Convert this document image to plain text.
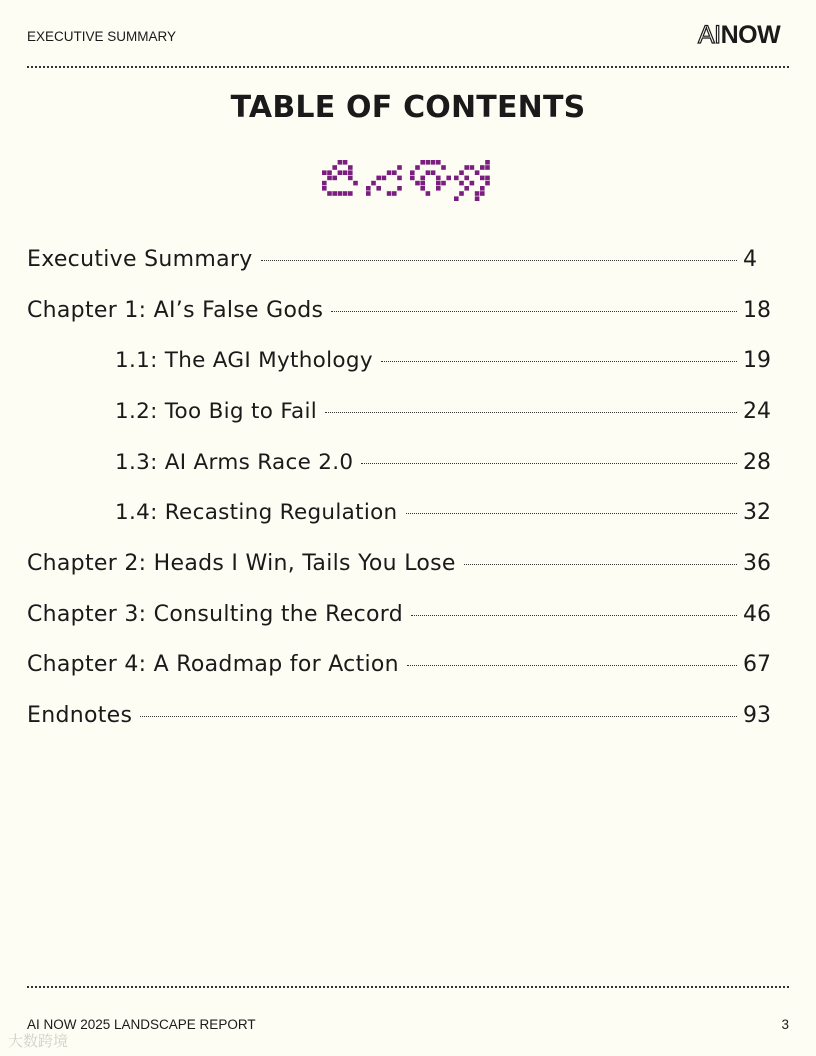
EXECUTIVE SUMMARY	AINOW
TABLE OF CONTENTS
Executive Summary	4
Chapter 1: AI’s False Gods	18
1.1: The AGI Mythology	19
1.2: Too Big to Fail	24
1.3: AI Arms Race 2.0	28
1.4: Recasting Regulation	32
Chapter 2: Heads I Win, Tails You Lose	36
Chapter 3: Consulting the Record	46
Chapter 4: A Roadmap for Action	67
Endnotes	93
AI NOW 2025 LANDSCAPE REPORT	3
大数跨境
